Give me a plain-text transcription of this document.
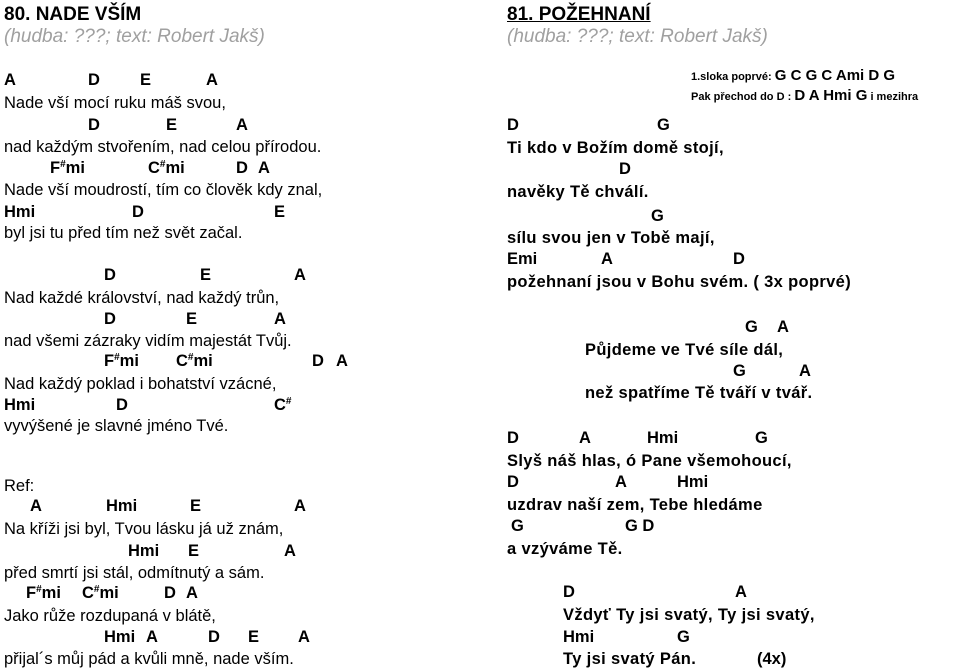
80. NADE VŠÍM
(hudba: ???; text: Robert Jakš)
A	D E	A
Nade vší mocí ruku máš svou,
D	E	A
nad každým stvořením, nad celou přírodou.
F#mi	C#mi	D A
Nade vší moudrostí, tím co člověk kdy znal,
Hmi	D	E
byl jsi tu před tím než svět začal.
D	E	A
Nad každé království, nad každý trůn,
D	E	A
nad všemi zázraky vidím majestát Tvůj.
F#mi C#mi	D A
Nad každý poklad i bohatství vzácné,
Hmi	D	C#
vyvýšené je slavné jméno Tvé.
Ref:
A	Hmi	E	A
Na kříži jsi byl, Tvou lásku já už znám,
Hmi E	A
před smrtí jsi stál, odmítnutý a sám.
F#mi C#mi	D A
Jako růže rozdupaná v blátě,
Hmi A	D E A
přijal´s můj pád a kvůli mně, nade vším.
81. POŽEHNANÍ
(hudba: ???; text: Robert Jakš)
1.sloka poprvé: G C G C Ami D G
Pak přechod do D : D A Hmi G i mezihra
D	G
Ti kdo v Božím domě stojí,
D
navěky Tě chválí.
G
sílu svou jen v Tobě mají,
Emi	A	D
požehnaní jsou v Bohu svém. ( 3x poprvé)
G A
Půjdeme ve Tvé síle dál,
G	A
než spatříme Tě tváří v tvář.
D	A	Hmi	G
Slyš náš hlas, ó Pane všemohoucí,
D	A	Hmi
uzdrav naší zem, Tebe hledáme
G	G D
a vzýváme Tě.
D	A
Vždyť Ty jsi svatý, Ty jsi svatý,
Hmi	G
Ty jsi svatý Pán.	(4x)
